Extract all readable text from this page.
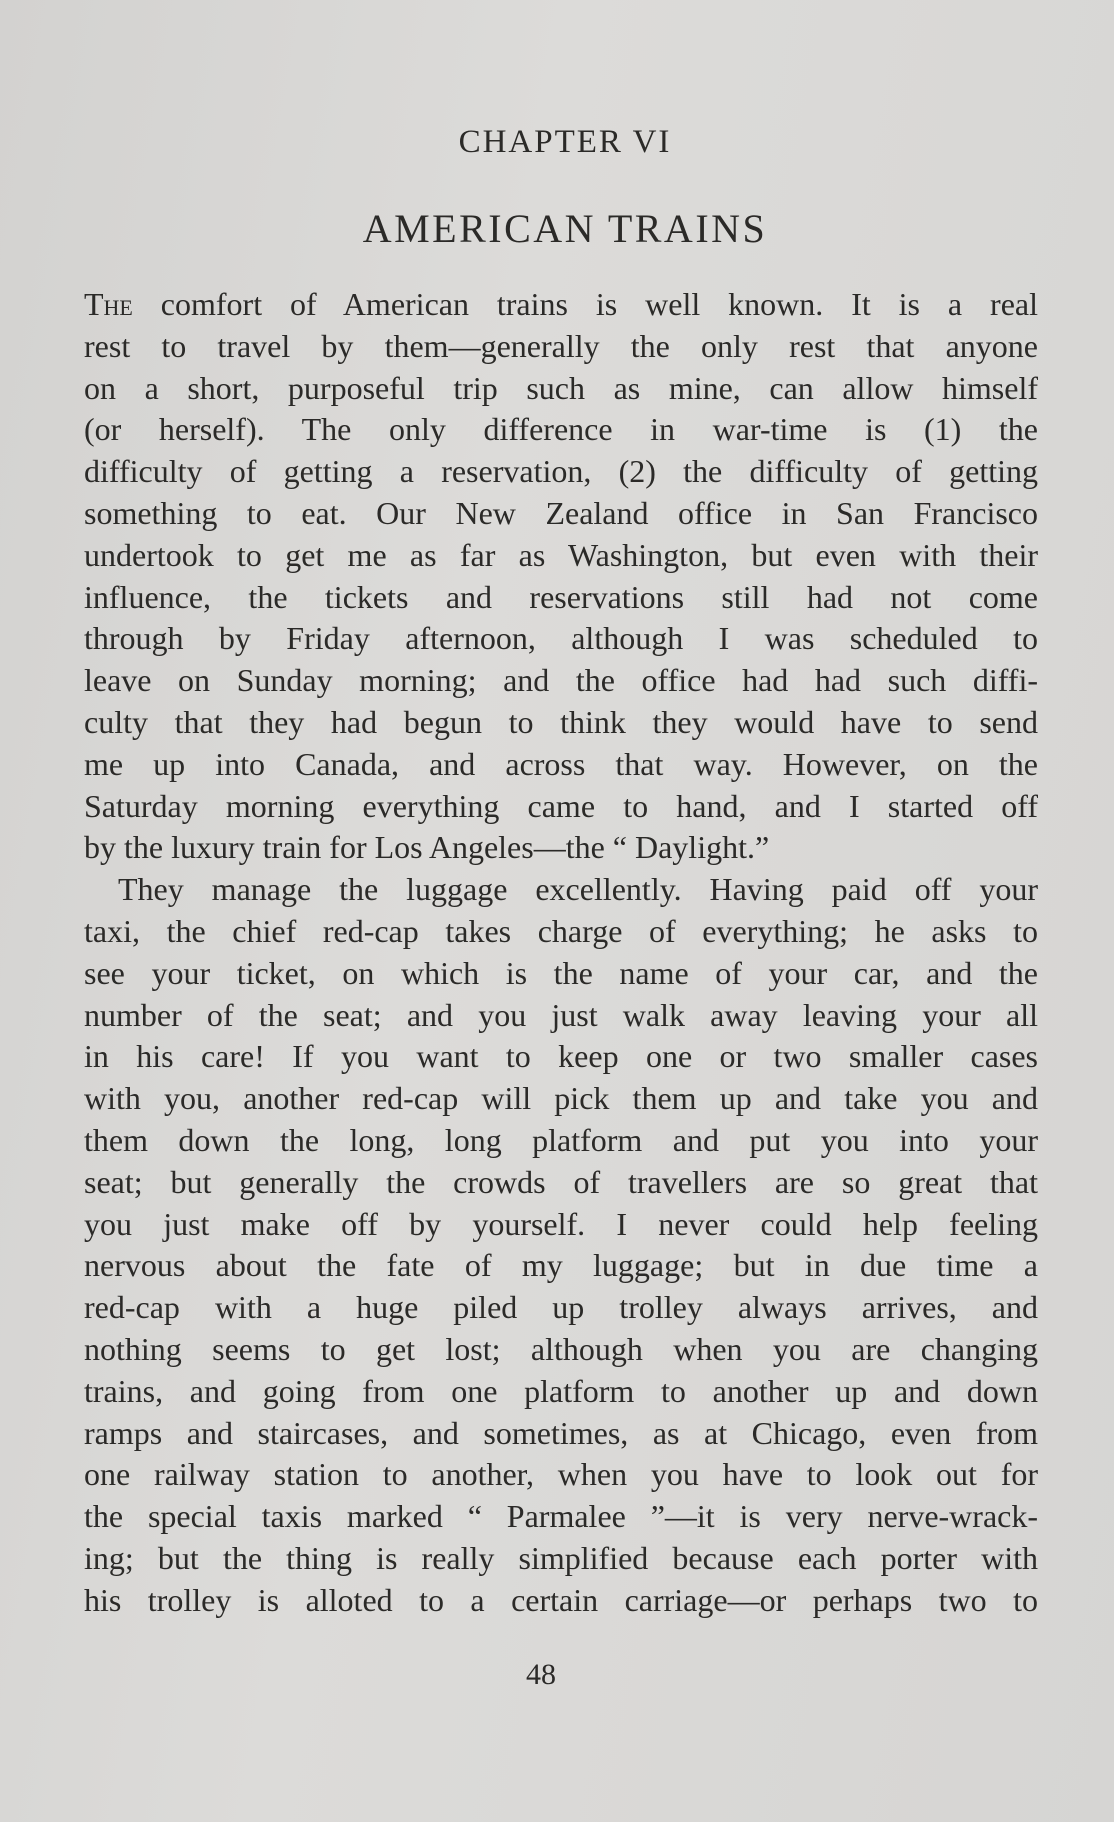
CHAPTER VI
AMERICAN TRAINS
The comfort of American trains is well known. It is a real
rest to travel by them—generally the only rest that anyone
on a short, purposeful trip such as mine, can allow himself
(or herself). The only difference in war-time is (1) the
difficulty of getting a reservation, (2) the difficulty of getting
something to eat. Our New Zealand office in San Francisco
undertook to get me as far as Washington, but even with their
influence, the tickets and reservations still had not come
through by Friday afternoon, although I was scheduled to
leave on Sunday morning; and the office had had such diffi-
culty that they had begun to think they would have to send
me up into Canada, and across that way. However, on the
Saturday morning everything came to hand, and I started off
by the luxury train for Los Angeles—the “ Daylight.”
They manage the luggage excellently. Having paid off your
taxi, the chief red-cap takes charge of everything; he asks to
see your ticket, on which is the name of your car, and the
number of the seat; and you just walk away leaving your all
in his care! If you want to keep one or two smaller cases
with you, another red-cap will pick them up and take you and
them down the long, long platform and put you into your
seat; but generally the crowds of travellers are so great that
you just make off by yourself. I never could help feeling
nervous about the fate of my luggage; but in due time a
red-cap with a huge piled up trolley always arrives, and
nothing seems to get lost; although when you are changing
trains, and going from one platform to another up and down
ramps and staircases, and sometimes, as at Chicago, even from
one railway station to another, when you have to look out for
the special taxis marked “ Parmalee ”—it is very nerve-wrack-
ing; but the thing is really simplified because each porter with
his trolley is alloted to a certain carriage—or perhaps two to
48
